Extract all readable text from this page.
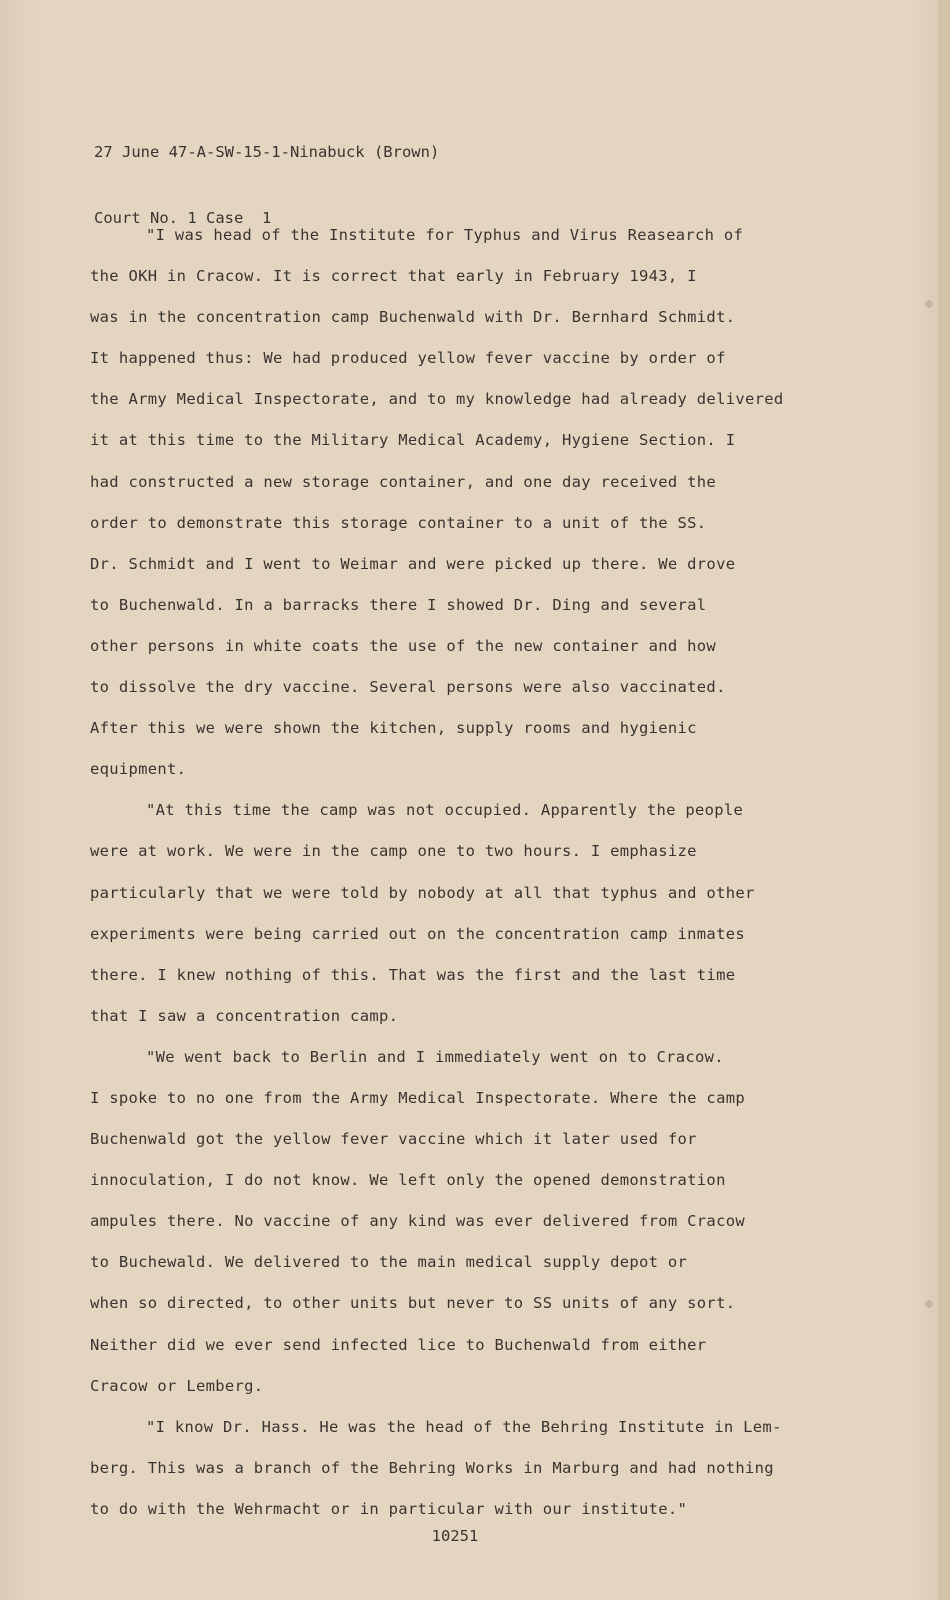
27 June 47-A-SW-15-1-Ninabuck (Brown)

Court No. 1 Case  1

"I was head of the Institute for Typhus and Virus Reasearch of
the OKH in Cracow. It is correct that early in February 1943, I
was in the concentration camp Buchenwald with Dr. Bernhard Schmidt.
It happened thus: We had produced yellow fever vaccine by order of
the Army Medical Inspectorate, and to my knowledge had already delivered
it at this time to the Military Medical Academy, Hygiene Section. I
had constructed a new storage container, and one day received the
order to demonstrate this storage container to a unit of the SS.
Dr. Schmidt and I went to Weimar and were picked up there. We drove
to Buchenwald. In a barracks there I showed Dr. Ding and several
other persons in white coats the use of the new container and how
to dissolve the dry vaccine. Several persons were also vaccinated.
After this we were shown the kitchen, supply rooms and hygienic
equipment.
"At this time the camp was not occupied. Apparently the people
were at work. We were in the camp one to two hours. I emphasize
particularly that we were told by nobody at all that typhus and other
experiments were being carried out on the concentration camp inmates
there. I knew nothing of this. That was the first and the last time
that I saw a concentration camp.
"We went back to Berlin and I immediately went on to Cracow.
I spoke to no one from the Army Medical Inspectorate. Where the camp
Buchenwald got the yellow fever vaccine which it later used for
innoculation, I do not know. We left only the opened demonstration
ampules there. No vaccine of any kind was ever delivered from Cracow
to Buchewald. We delivered to the main medical supply depot or
when so directed, to other units but never to SS units of any sort.
Neither did we ever send infected lice to Buchenwald from either
Cracow or Lemberg.
"I know Dr. Hass. He was the head of the Behring Institute in Lem-
berg. This was a branch of the Behring Works in Marburg and had nothing
to do with the Wehrmacht or in particular with our institute."
10251
